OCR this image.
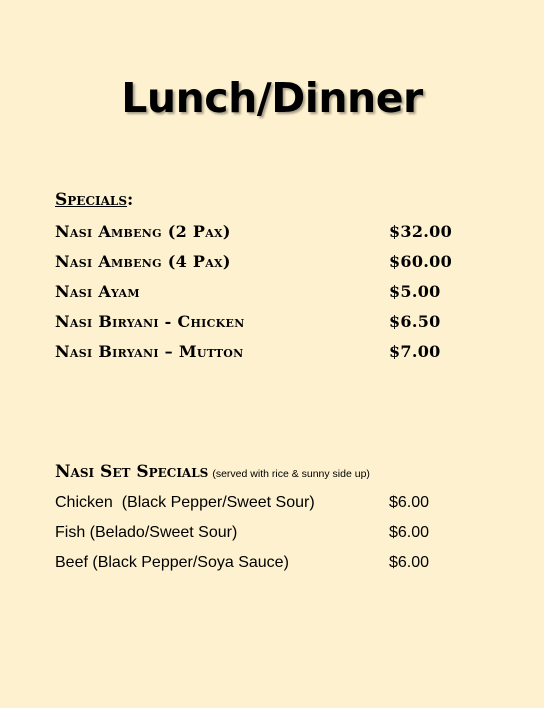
Lunch/Dinner
Specials:
Nasi Ambeng (2 Pax)	$32.00
Nasi Ambeng (4 Pax)	$60.00
Nasi Ayam	$5.00
Nasi Biryani - Chicken	$6.50
Nasi Biryani – Mutton	$7.00
Nasi Set Specials (served with rice & sunny side up)
Chicken  (Black Pepper/Sweet Sour)	$6.00
Fish (Belado/Sweet Sour)	$6.00
Beef (Black Pepper/Soya Sauce)	$6.00
